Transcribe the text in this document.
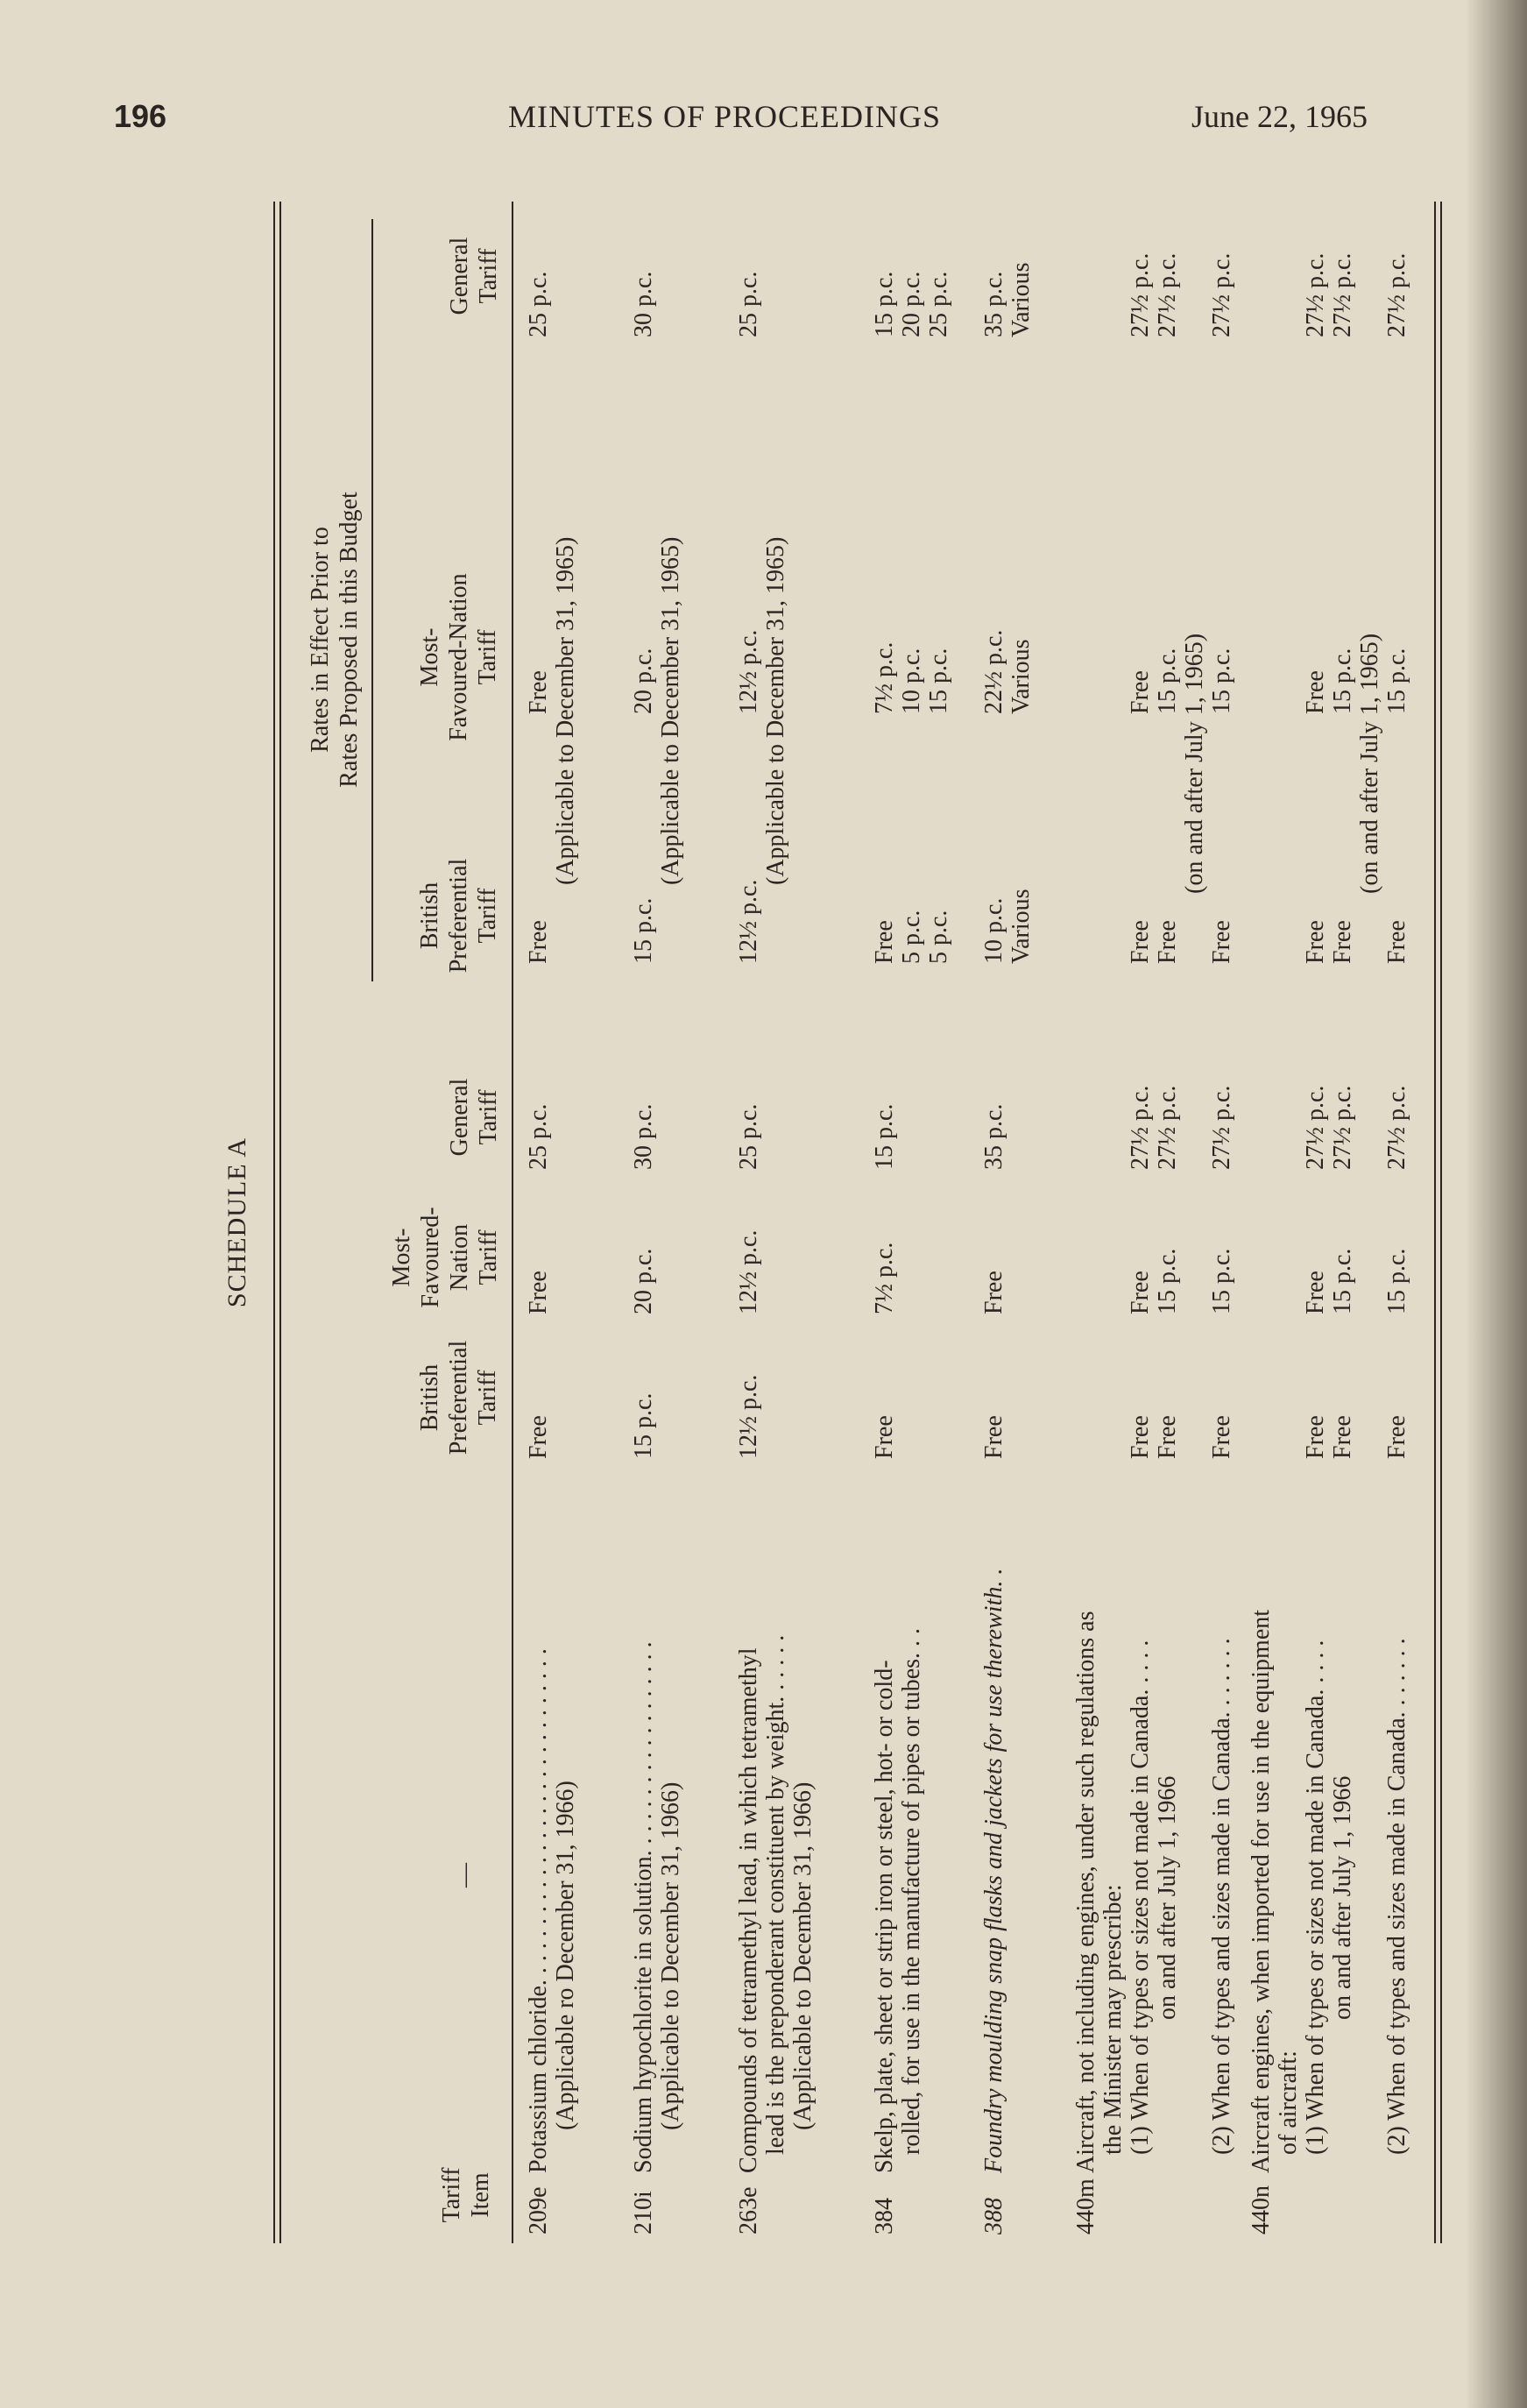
196	MINUTES OF PROCEEDINGS	June 22, 1965
SCHEDULE A
Tariff
Item
—
British
Preferential
Tariff
Most-
Favoured-
Nation
Tariff
General
Tariff
Rates in Effect Prior to
Rates Proposed in this Budget
British
Preferential
Tariff
Most-
Favoured-Nation
Tariff
General
Tariff
209e
Potassium chloride. . . . . . . . . . . . . . . . . . . . . . . . . . . . (Applicable ro December 31, 1966)
Free
Free
25 p.c.
Free
Free
25 p.c.
(Applicable to December 31, 1965)
210i
Sodium hypochlorite in solution. . . . . . . . . . . . . . . . . . (Applicable to December 31, 1966)
15 p.c.
20 p.c.
30 p.c.
15 p.c.
20 p.c.
30 p.c.
(Applicable to December 31, 1965)
263e
Compounds of tetramethyl lead, in which tetramethyl lead is the preponderant constituent by weight. . . . . . (Applicable to December 31, 1966)
12½ p.c.
12½ p.c.
25 p.c.
12½ p.c.
12½ p.c.
25 p.c.
(Applicable to December 31, 1965)
384
Skelp, plate, sheet or strip iron or steel, hot- or cold- rolled, for use in the manufacture of pipes or tubes. . .
Free
7½ p.c.
15 p.c.
Free 5 p.c. 5 p.c.
7½ p.c. 10 p.c. 15 p.c.
15 p.c. 20 p.c. 25 p.c.
388
Foundry moulding snap flasks and jackets for use therewith. .
Free
Free
35 p.c.
10 p.c. Various
22½ p.c. Various
35 p.c. Various
440m
Aircraft, not including engines, under such regulations as the Minister may prescribe: (1) When of types or sizes not made in Canada. . . . . on and after July 1, 1966 (2) When of types and sizes made in Canada. . . . . . .
Free Free Free
Free 15 p.c. 15 p.c.
27½ p.c. 27½ p.c. 27½ p.c.
Free Free Free
Free 15 p.c. (on and after July 1, 1965) 15 p.c.
27½ p.c. 27½ p.c. 27½ p.c.
440n
Aircraft engines, when imported for use in the equipment of aircraft: (1) When of types or sizes not made in Canada. . . . . on and after July 1, 1966 (2) When of types and sizes made in Canada. . . . . . .
Free Free Free
Free 15 p.c. 15 p.c.
27½ p.c. 27½ p.c. 27½ p.c.
Free Free Free
Free 15 p.c. (on and after July 1, 1965) 15 p.c.
27½ p.c. 27½ p.c. 27½ p.c.
